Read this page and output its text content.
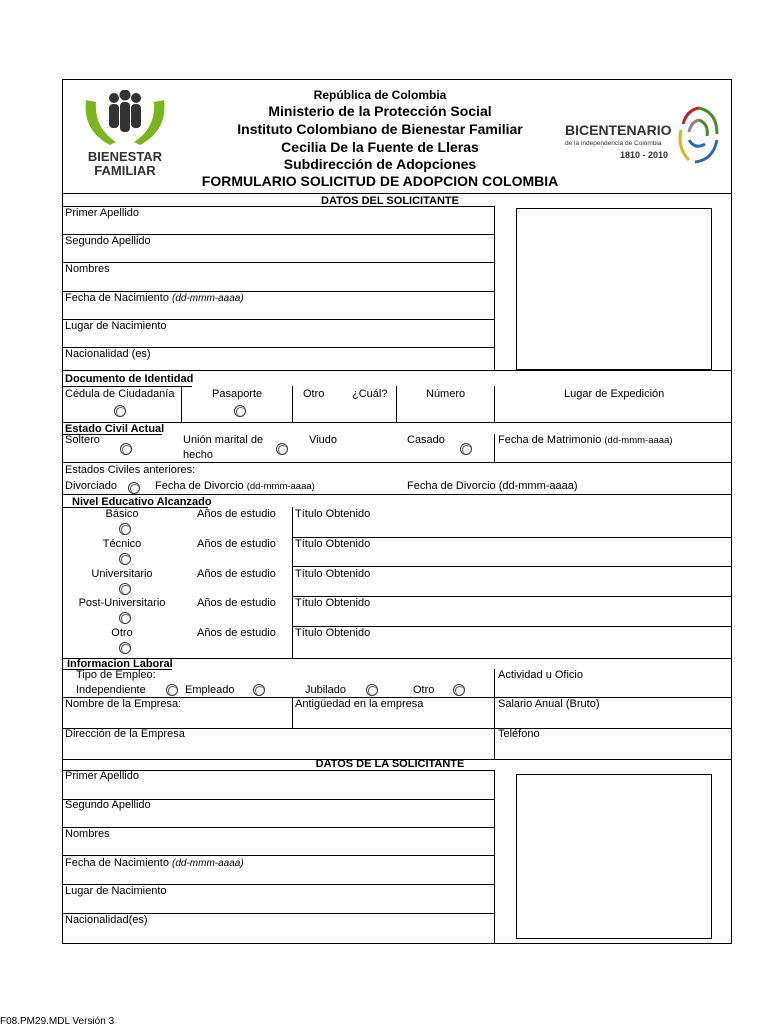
República de Colombia
Ministerio de la Protección Social
Instituto Colombiano de Bienestar Familiar
Cecilia De la Fuente de Lleras
Subdirección de Adopciones
FORMULARIO SOLICITUD DE ADOPCION COLOMBIA
BIENESTAR
FAMILIAR
BICENTENARIO
de la independencia de Colombia
1810 - 2010
DATOS DEL SOLICITANTE
Primer Apellido
Segundo Apellido
Nombres
Fecha de Nacimiento (dd-mmm-aaaa)
Lugar de Nacimiento
Nacionalidad (es)
Documento de Identidad
Cédula de Ciudadanía	Pasaporte	Otro	¿Cuál?	Número	Lugar de Expedición
Estado Civil Actual
Soltero	Unión marital de
hecho
Viudo	Casado	Fecha de Matrimonio (dd-mmm-aaaa)
Estados Civiles anteriores:
Divorciado	Fecha de Divorcio (dd-mmm-aaaa)	Fecha de Divorcio (dd-mmm-aaaa)
Nivel Educativo Alcanzado
Básico	Años de estudio Título Obtenido
Técnico	Años de estudio Título Obtenido
Universitario	Años de estudio Título Obtenido
Post-Universitario	Años de estudio Título Obtenido
Otro	Años de estudio Título Obtenido
Informacion Laboral
Tipo de Empleo:	Actividad u Oficio
Independiente	Empleado	Jubilado	Otro
Nombre de la Empresa:	Antigüedad en la empresa	Salario Anual (Bruto)
Dirección de la Empresa	Teléfono
DATOS DE LA SOLICITANTE
Primer Apellido
Segundo Apellido
Nombres
Fecha de Nacimiento (dd-mmm-aaaa)
Lugar de Nacimiento
Nacionalidad(es)
F08.PM29.MDL Versión 3
